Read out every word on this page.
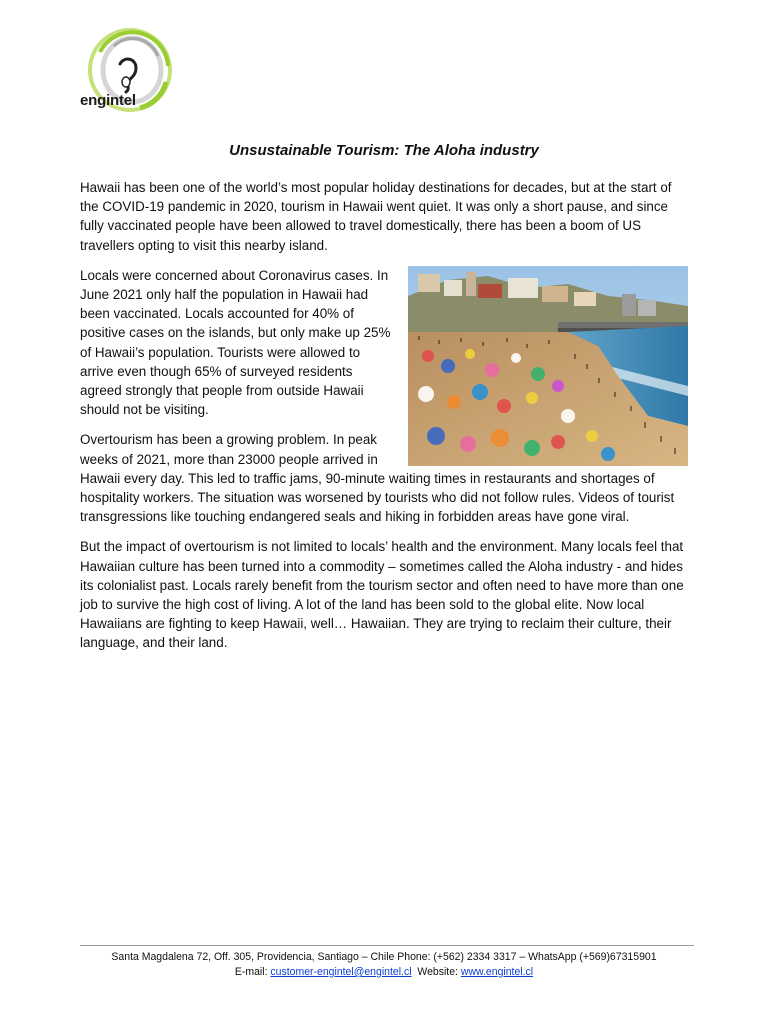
engintel
Unsustainable Tourism: The Aloha industry

Hawaii has been one of the world’s most popular holiday destinations for decades, but at the start of the COVID-19 pandemic in 2020, tourism in Hawaii went quiet. It was only a short pause, and since fully vaccinated people have been allowed to travel domestically, there has been a boom of US travellers opting to visit this nearby island.

Locals were concerned about Coronavirus cases. In June 2021 only half the population in Hawaii had been vaccinated. Locals accounted for 40% of positive cases on the islands, but only make up 25% of Hawaii’s population. Tourists were allowed to arrive even though 65% of surveyed residents agreed strongly that people from outside Hawaii should not be visiting.

Overtourism has been a growing problem. In peak weeks of 2021, more than 23000 people arrived in Hawaii every day. This led to traffic jams, 90-minute waiting times in restaurants and shortages of hospitality workers. The situation was worsened by tourists who did not follow rules. Videos of tourist transgressions like touching endangered seals and hiking in forbidden areas have gone viral.

But the impact of overtourism is not limited to locals’ health and the environment. Many locals feel that Hawaiian culture has been turned into a commodity – sometimes called the Aloha industry - and hides its colonialist past. Locals rarely benefit from the tourism sector and often need to have more than one job to survive the high cost of living. A lot of the land has been sold to the global elite. Now local Hawaiians are fighting to keep Hawaii, well… Hawaiian. They are trying to reclaim their culture, their language, and their land.

Santa Magdalena 72, Off. 305, Providencia, Santiago – Chile Phone: (+562) 2334 3317 – WhatsApp (+569)67315901
E-mail: customer-engintel@engintel.cl Website: www.engintel.cl
